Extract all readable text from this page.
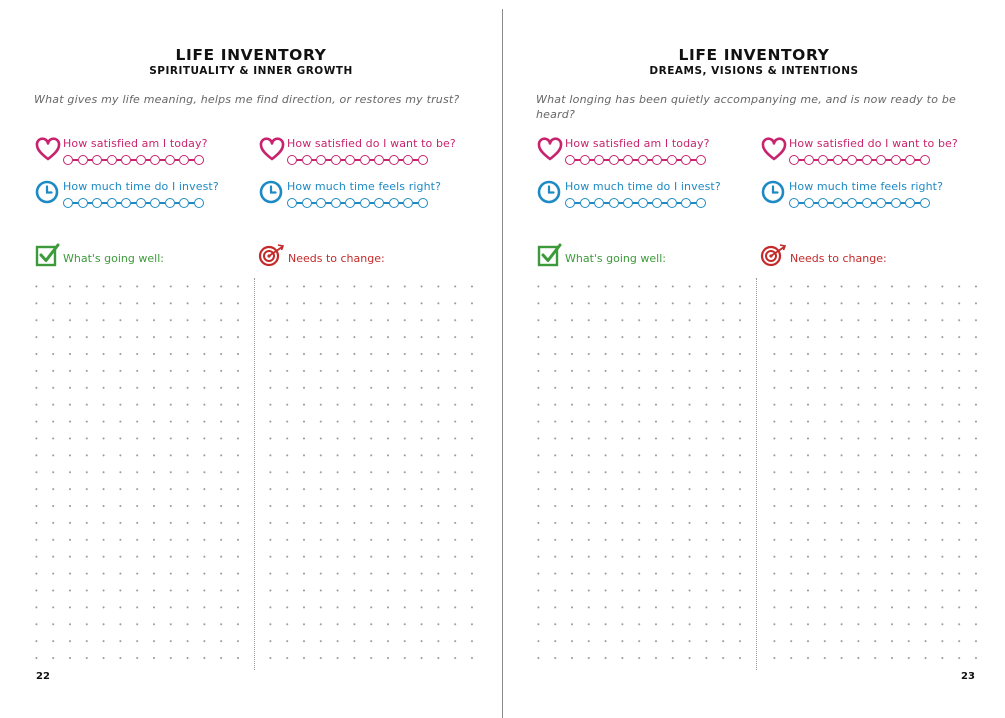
LIFE INVENTORY
SPIRITUALITY & INNER GROWTH
What gives my life meaning, helps me find direction, or restores my trust?
How satisfied am I today?	How satisfied do I want to be?
How much time do I invest?	How much time feels right?
What's going well:	Needs to change:
22
LIFE INVENTORY
DREAMS, VISIONS & INTENTIONS
What longing has been quietly accompanying me, and is now ready to be heard?
How satisfied am I today?	How satisfied do I want to be?
How much time do I invest?	How much time feels right?
What's going well:	Needs to change:
23
